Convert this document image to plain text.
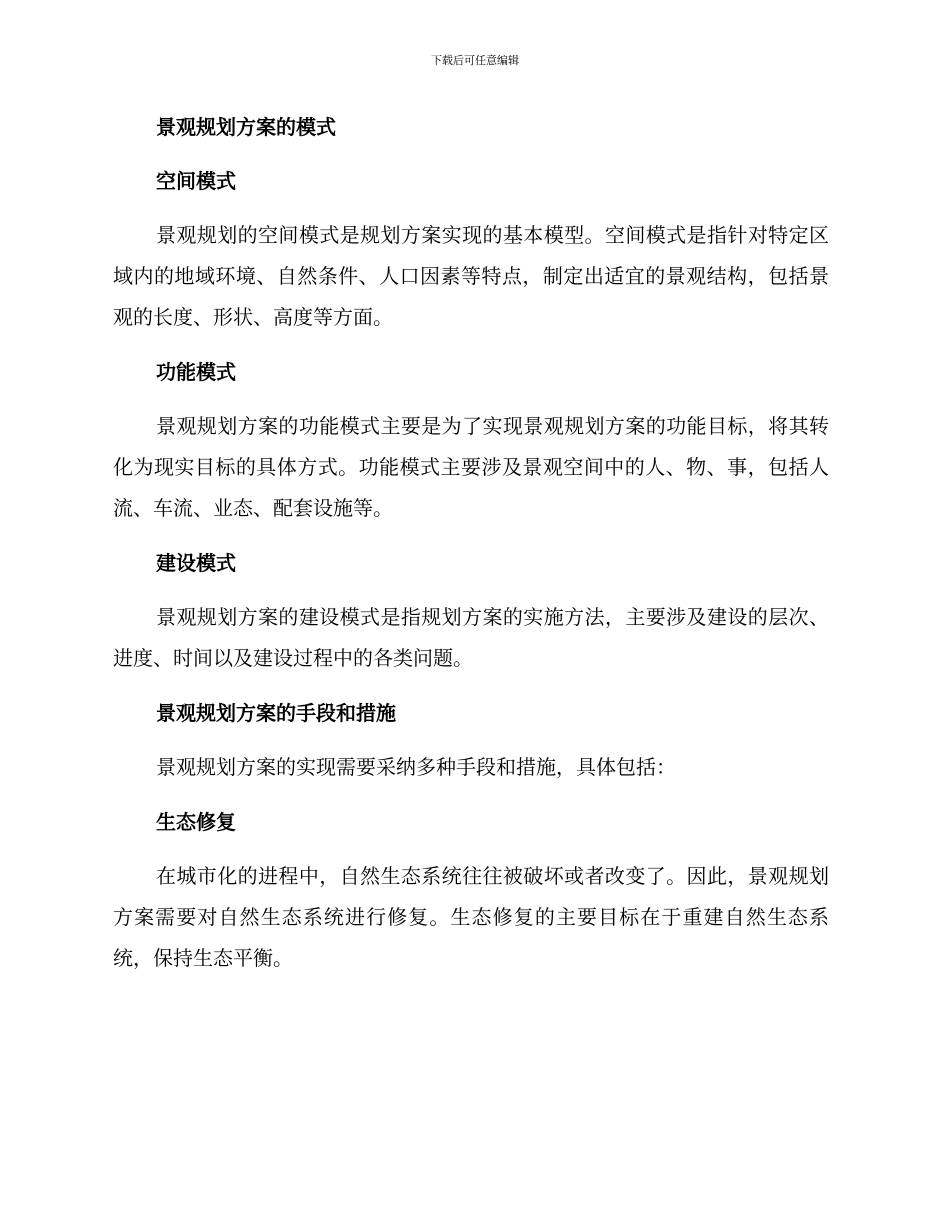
下载后可任意编辑
景观规划方案的模式
空间模式

景观规划的空间模式是规划方案实现的基本模型。空间模式是指针对特定区域内的地域环境、自然条件、人口因素等特点，制定出适宜的景观结构，包括景观的长度、形状、高度等方面。

功能模式

景观规划方案的功能模式主要是为了实现景观规划方案的功能目标，将其转化为现实目标的具体方式。功能模式主要涉及景观空间中的人、物、事，包括人流、车流、业态、配套设施等。

建设模式

景观规划方案的建设模式是指规划方案的实施方法，主要涉及建设的层次、进度、时间以及建设过程中的各类问题。

景观规划方案的手段和措施

景观规划方案的实现需要采纳多种手段和措施，具体包括：

生态修复

在城市化的进程中，自然生态系统往往被破坏或者改变了。因此，景观规划方案需要对自然生态系统进行修复。生态修复的主要目标在于重建自然生态系统，保持生态平衡。
